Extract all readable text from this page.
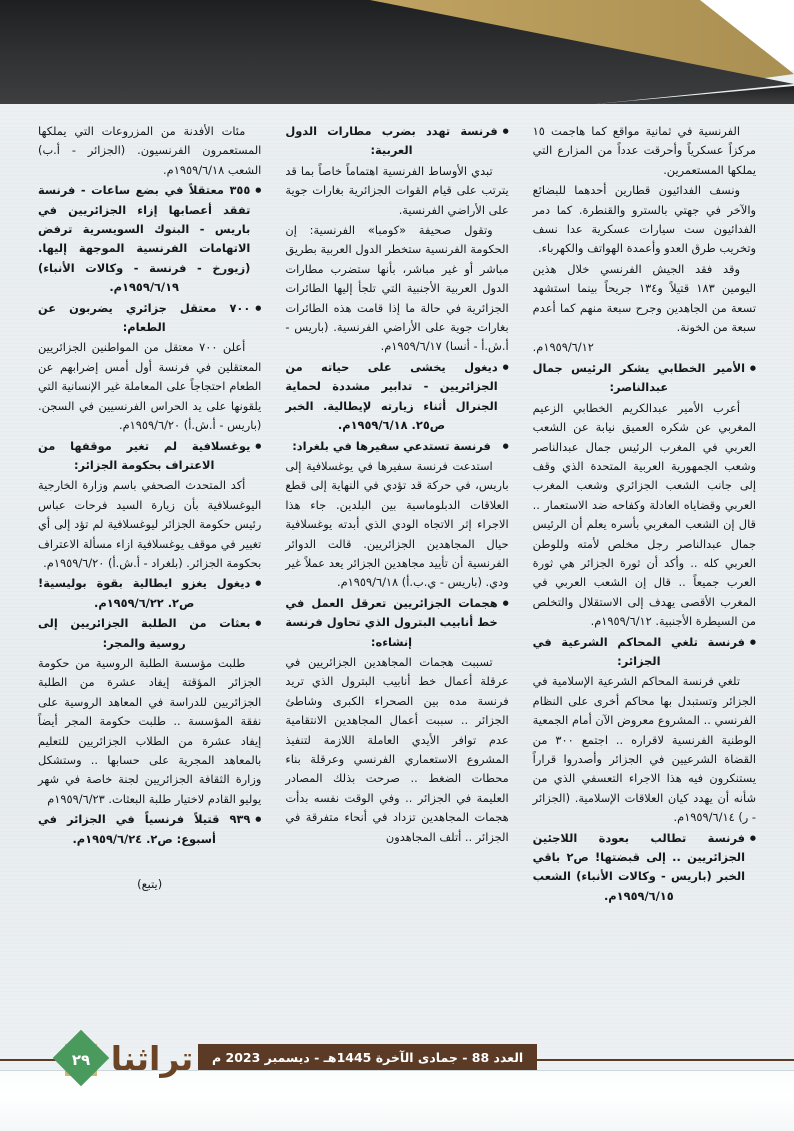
الفرنسية في ثمانية مواقع كما هاجمت ١٥ مركزاً عسكرياً وأحرقت عدداً من المزارع التي يملكها المستعمرين.

ونسف الفدائيون قطارين أحدهما للبضائع والآخر في جهتي بالسترو والقنطرة. كما دمر الفدائيون ست سيارات عسكرية عدا نسف وتخريب طرق العدو وأعمدة الهواتف والكهرباء.

وقد فقد الجيش الفرنسي خلال هذين اليومين ١٨٣ قتيلاً و١٣٤ جريحاً بينما استشهد تسعة من الجاهدين وجرح سبعة منهم كما أعدم سبعة من الخونة.

١٩٥٩/٦/١٢م.

● الأمير الخطابي يشكر الرئيس جمال عبدالناصر:

أعرب الأمير عبدالكريم الخطابي الزعيم المغربي عن شكره العميق نيابة عن الشعب العربي في المغرب الرئيس جمال عبدالناصر وشعب الجمهورية العربية المتحدة الذي وقف إلى جانب الشعب الجزائري وشعب المغرب العربي وقضاياه العادلة وكفاحه ضد الاستعمار .. قال إن الشعب المغربي بأسره يعلم أن الرئيس جمال عبدالناصر رجل مخلص لأمته وللوطن العربي كله .. وأكد أن ثورة الجزائر هي ثورة العرب جميعاً .. قال إن الشعب العربي في المغرب الأقصى يهدف إلى الاستقلال والتخلص من السيطرة الأجنبية. ١٩٥٩/٦/١٢م.

● فرنسة تلغي المحاكم الشرعية في الجزائر:

تلغي فرنسة المحاكم الشرعية الإسلامية في الجزائر وتستبدل بها محاكم أخرى على النظام الفرنسي .. المشروع معروض الآن أمام الجمعية الوطنية الفرنسية لاقراره .. اجتمع ٣٠٠ من القضاة الشرعيين في الجزائر وأصدروا قراراً يستنكرون فيه هذا الاجراء التعسفي الذي من شأنه أن يهدد كيان العلاقات الإسلامية. (الجزائر - ر) ١٩٥٩/٦/١٤م.

● فرنسة تطالب بعودة اللاجئين الجزائريين .. إلى قبضتها! ص٢ باقي الخبر (باريس - وكالات الأنباء) الشعب ١٩٥٩/٦/١٥م.

● فرنسة تهدد بضرب مطارات الدول العربية:

تبدي الأوساط الفرنسية اهتماماً خاصاً بما قد يترتب على قيام القوات الجزائرية بغارات جوية على الأراضي الفرنسية.

وتقول صحيفة «كومبا» الفرنسية: إن الحكومة الفرنسية ستخطر الدول العربية بطريق مباشر أو غير مباشر، بأنها ستضرب مطارات الدول العربية الأجنبية التي تلجأ إليها الطائرات الجزائرية في حالة ما إذا قامت هذه الطائرات بغارات جوية على الأراضي الفرنسية. (باريس - أ.ش.أ - أنسا) ١٩٥٩/٦/١٧م.

● ديغول يخشى على حياته من الجزائريين - تدابير مشددة لحماية الجنرال أثناء زيارته لإيطالية. الخبر ص٢٥. ١٩٥٩/٦/١٨م.

● فرنسة تستدعي سفيرها في بلغراد:

استدعت فرنسة سفيرها في يوغسلافية إلى باريس، في حركة قد تؤدي في النهاية إلى قطع العلاقات الدبلوماسية بين البلدين. جاء هذا الاجراء إثر الاتجاه الودي الذي أبدته يوغسلافية حيال المجاهدين الجزائريين. قالت الدوائر الفرنسية أن تأييد مجاهدين الجزائر يعد عملاً غير ودي. (باريس - ي.ب.أ) ١٩٥٩/٦/١٨م.

● هجمات الجزائريين تعرقل العمل في خط أنابيب البترول الذي تحاول فرنسة إنشاءه:

تسببت هجمات المجاهدين الجزائريين في عرقلة أعمال خط أنابيب البترول الذي تريد فرنسة مده بين الصحراء الكبرى وشاطئ الجزائر .. سببت أعمال المجاهدين الانتقامية عدم توافر الأيدي العاملة اللازمة لتنفيذ المشروع الاستعماري الفرنسي وعرقلة بناء محطات الضغط .. صرحت بذلك المصادر العليمة في الجزائر .. وفي الوقت نفسه بدأت هجمات المجاهدين تزداد في أنحاء متفرقة في الجزائر .. أتلف المجاهدون

مئات الأفدنة من المزروعات التي يملكها المستعمرون الفرنسيون. (الجزائر - أ.ب) الشعب ١٩٥٩/٦/١٨م.

● ٣٥٥ معتقلاً في بضع ساعات - فرنسة تفقد أعصابها إزاء الجزائريين في باريس - البنوك السويسرية ترفض الاتهامات الفرنسية الموجهة إليها. (زيورخ - فرنسة - وكالات الأنباء) ١٩٥٩/٦/١٩م.

● ٧٠٠ معتقل جزائري يضربون عن الطعام:

أعلن ٧٠٠ معتقل من المواطنين الجزائريين المعتقلين في فرنسة أول أمس إضرابهم عن الطعام احتجاجاً على المعاملة غير الإنسانية التي يلقونها على يد الحراس الفرنسيين في السجن. (باريس - أ.ش.أ) ١٩٥٩/٦/٢٠م.

● يوغسلافية لم تغير موقفها من الاعتراف بحكومة الجزائر:

أكد المتحدث الصحفي باسم وزارة الخارجية اليوغسلافية بأن زيارة السيد فرحات عباس رئيس حكومة الجزائر ليوغسلافية لم تؤد إلى أي تغيير في موقف يوغسلافية ازاء مسألة الاعتراف بحكومة الجزائر. (بلغراد - أ.ش.أ) ١٩٥٩/٦/٢٠م.

● ديغول يغزو ايطالية بقوة بوليسية! ص٢. ١٩٥٩/٦/٢٢م.

● بعثات من الطلبة الجزائريين إلى روسية والمجر:

طلبت مؤسسة الطلبة الروسية من حكومة الجزائر المؤقتة إيفاد عشرة من الطلبة الجزائريين للدراسة في المعاهد الروسية على نفقة المؤسسة .. طلبت حكومة المجر أيضاً إيفاد عشرة من الطلاب الجزائريين للتعليم بالمعاهد المجرية على حسابها .. وستشكل وزارة الثقافة الجزائريين لجنة خاصة في شهر يوليو القادم لاختيار طلبة البعثات. ١٩٥٩/٦/٢٣م

● ٩٣٩ قتيلاً فرنسياً في الجزائر في أسبوع: ص٢. ١٩٥٩/٦/٢٤م.

(يتبع)

العدد 88 - جمادى الآخرة 1445هـ - ديسمبر 2023 م
تراثنا
٢٩
